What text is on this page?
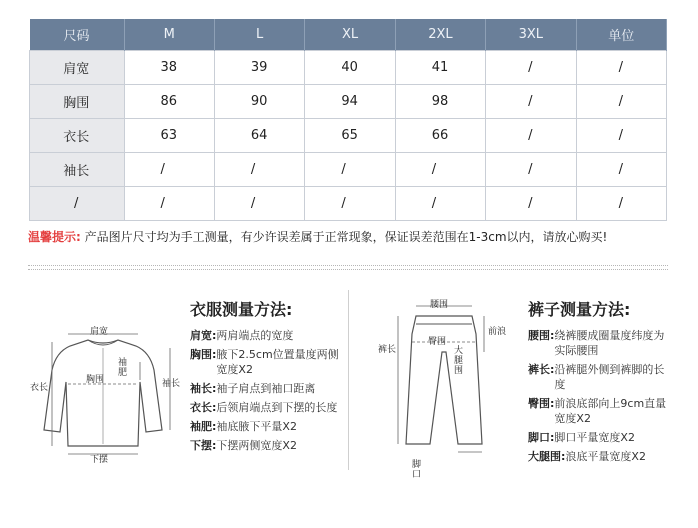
尺码	M	L	XL	2XL	3XL	单位
肩宽	38	39	40	41	/	/
胸围	86	90	94	98	/	/
衣长	63	64	65	66	/	/
袖长	/	/	/	/	/	/
/	/	/	/	/	/	/
温馨提示: 产品图片尺寸均为手工测量，有少许误差属于正常现象，保证误差范围在1-3cm以内，请放心购买!
肩宽
衣长
袖肥
胸围	袖长
下摆
衣服测量方法:
肩宽: 两肩端点的宽度
胸围: 腋下2.5cm位置量度两侧宽度X2
袖长: 袖子肩点到袖口距离
衣长: 后领肩端点到下摆的长度
袖肥: 袖底腋下平量X2
下摆: 下摆两侧宽度X2
腰围
前浪
臀围
裤长	大腿围
脚口
裤子测量方法:
腰围: 绕裤腰成圈量度纬度为实际腰围
裤长: 沿裤腿外侧到裤脚的长度
臀围: 前浪底部向上9cm直量宽度X2
脚口: 脚口平量宽度X2
大腿围: 浪底平量宽度X2
